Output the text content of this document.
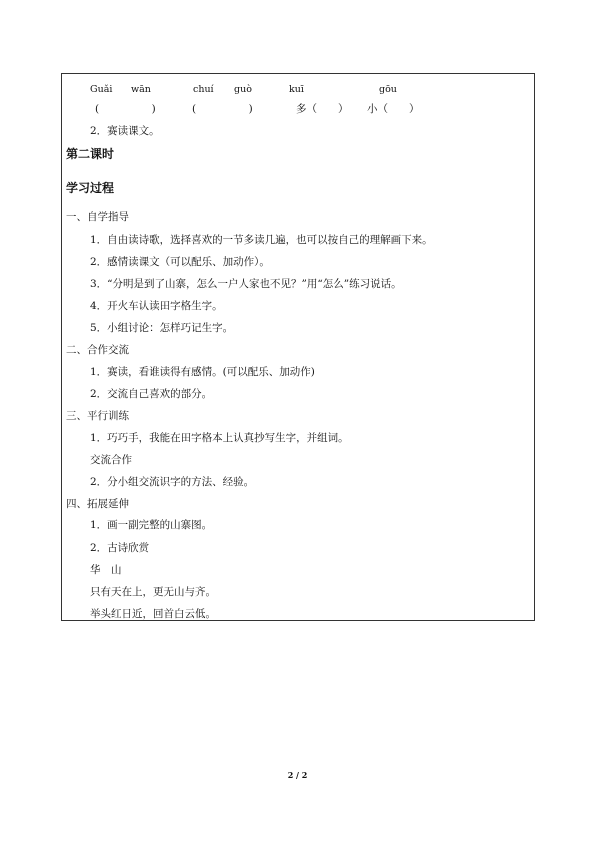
Guǎi wān	chuí guò	kuī	gōu
(　　　　　)	(　　　　　)	多（　　） 小（　　）
2．赛读课文。
第二课时
学习过程
一、自学指导
1．自由读诗歌，选择喜欢的一节多读几遍，也可以按自己的理解画下来。
2．感情读课文（可以配乐、加动作）。
3．“分明是到了山寨，怎么一户人家也不见？”用“怎么”练习说话。
4．开火车认读田字格生字。
5．小组讨论：怎样巧记生字。
二、合作交流
1．赛读，看谁读得有感情。(可以配乐、加动作)
2．交流自己喜欢的部分。
三、平行训练
1．巧巧手，我能在田字格本上认真抄写生字，并组词。
交流合作
2．分小组交流识字的方法、经验。
四、拓展延伸
1．画一副完整的山寨图。
2．古诗欣赏
华　山
只有天在上，更无山与齐。
举头红日近，回首白云低。
2 / 2
